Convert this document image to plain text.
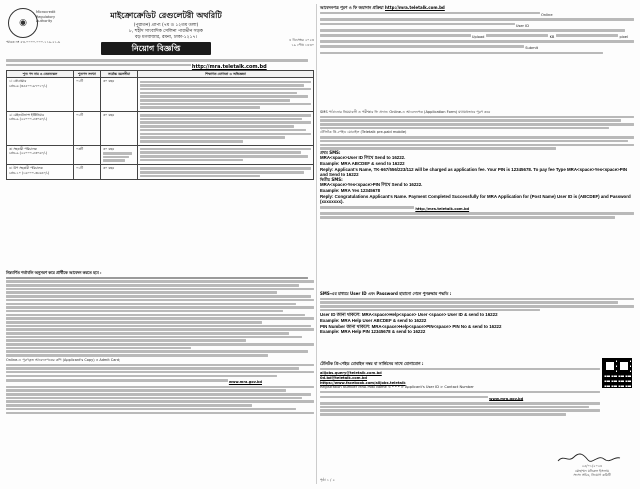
◉
Microcredit Regulatory Authority
স্মারক নং ৫৩.০০০০.০০০.১১৯.২১-৬
মাইক্রোক্রেডিট রেগুলেটরী অথরিটি
(পুরাতন) প্রাপ্য (৭ম ও ১২তম তলা)
৮, শহীদ সাংবাদিক সেলিনা পারভীন সড়ক
বড় মগবাজার, রমনা, ঢাকা-১২১৭।	৪ ডিসেম্বর ২০২৩
১৯ পৌষ ১৪৩০
নিয়োগ বিজ্ঞপ্তি
http://mra.teletalk.com.bd
শূন্য পদ নাম ও বেতনস্কেল	শূন্যপদ সংখ্যা	সর্বোচ্চ বয়সসীমা	শিক্ষাগত যোগ্যতা ও অভিজ্ঞতা

১। প্রোগ্রামার
গ্রেড-৬ (৩৫৫০০-৬৭০১০/-)	০১টি	৩০ বছর	

২। মেইনটেন্যান্স ইঞ্জিনিয়ার
গ্রেড-৯ (২২০০০-৫৩০৬০/-)	০১টি	৩০ বছর	

৩। সহকারী পরিচালক
গ্রেড-৯ (২২০০০-৫৩০৬০/-)	০৩টি	৩০ বছর	

৪। উপ সহকারী পরিচালক
গ্রেড-১০ (১৬০০০-৩৮৬৪০/-)	০১টি	৩০ বছর	
নিম্নবর্ণিত শর্তাবলি অনুসরণ করে প্রার্থীকে আবেদন করতে হবে :
Online-এ পূরণকৃত আবেদনপত্রের কপি (Applicant's Copy) ও Admit Card;
www.mra.gov.bd
আবেদনপত্র পূরণ ও ফি জমাদান প্রক্রিয়া http://mra.teletalk.com.bd
Online
User ID
Upload	KB	pixel
Submit
SMS পাঠানোর নিয়মাবলী ও পরীক্ষার ফি প্রদান: Online-এ আবেদনপত্র (Application Form) যথাযথভাবে পূরণ করে
টেলিটক প্রি-পেইড মোবাইল (Teletalk pre-paid mobile)
প্রথম SMS:
MRA<space>User ID লিখে Send to 16222.
Example: MRA ABCDEF & send to 16222
Reply: Applicant's Name, TK-667/556/223/112 will be charged as application fee. Your PIN is 12345678. To pay fee Type MRA<space>Yes<space>PIN and Send to 16222
দ্বিতীয় SMS:
MRA<space>Yes<space>PIN লিখে Send to 16222.
Example: MRA Yes 12345678
Reply: Congratulations Applicant's Name. Payment Completed Successfully for MRA Application for (Post Name) User ID is (ABCDEF) and Password (xxxxxxxx).
http://mra.teletalk.com.bd
SMS-এর মাধ্যমে User ID এবং Password হারানো গেলে পুনরুদ্ধার পদ্ধতি :
User ID জানা থাকলে: MRA<space>Help<space> User <space> User ID & send to 16222
Example: MRA Help User ABCDEF & send to 16222
PIN Number জানা থাকলে: MRA<space>Help<space>PIN<space> PIN No & send to 16222
Example: MRA Help PIN 12345678 & send to 16222
টেলিটক প্রি-পেইড মোবাইল নম্বর বা সার্ভিসের সাথে যোগাযোগ :
alljobs.query@teletalk.com.bd
0d.bd@teletalk.com.bd
https://www.facebook.com/alljobs.teletalk
Registration Number MRA Post Name < * * * > Applicant's User ID > Contact Number
www.mra.gov.bd
২৫/০১/২০২৪
মোহাম্মদ মনিরুল ইসলাম
সদস্য সচিব, নিয়োগ কমিটি
পৃষ্ঠা ১ / ২
